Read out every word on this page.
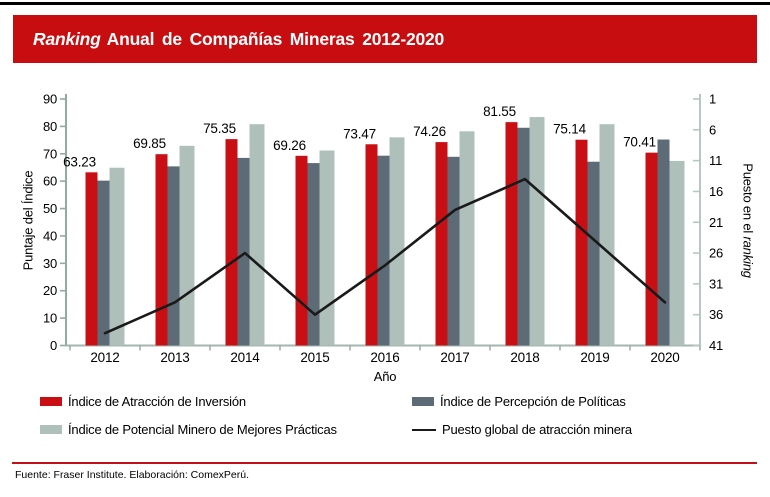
Ranking Anual de Compañías Mineras 2012-2020
Puntaje del Índice	Puesto en el ranking
0
10
20
30
40
50
60
70
80
90	1
6
11
16
21
26
31
36
41
2012	2013	2014	2015	2016	2017	2018	2019	2020
63.23
69.85
75.35
69.26
73.47	74.26
81.55
75.14
70.41
Año
Índice de Atracción de Inversión	Índice de Percepción de Políticas
Índice de Potencial Minero de Mejores Prácticas	Puesto global de atracción minera
Fuente: Fraser Institute. Elaboración: ComexPerú.
